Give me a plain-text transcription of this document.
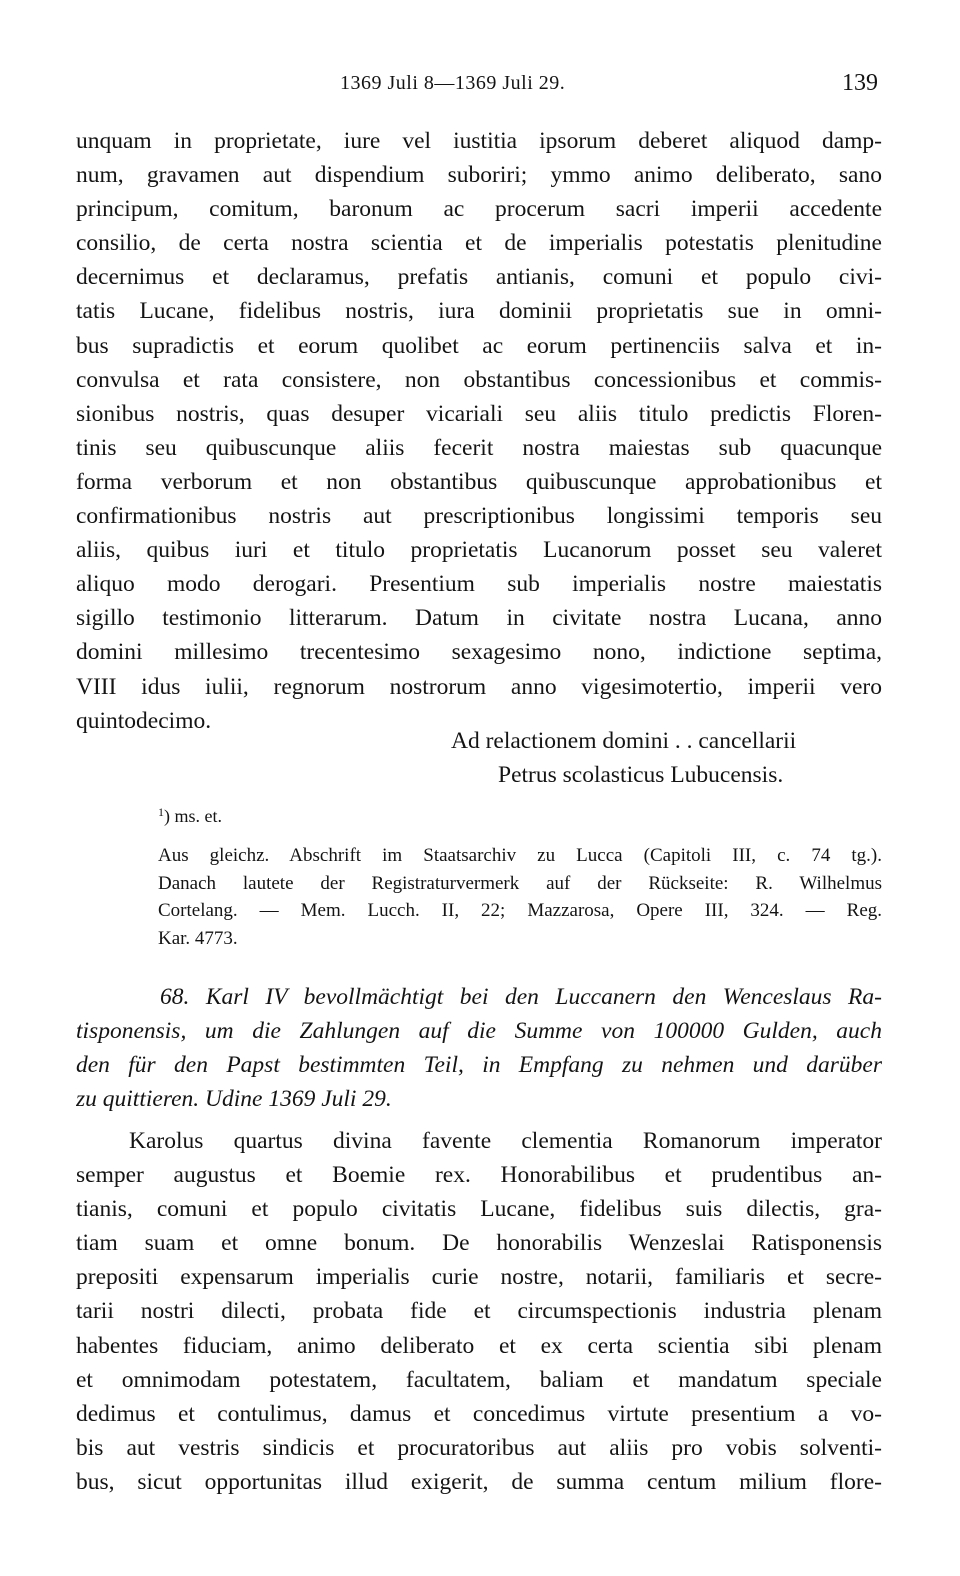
1369 Juli 8—1369 Juli 29.	139
unquam in proprietate, iure vel iustitia ipsorum deberet aliquod damp-
num, gravamen aut dispendium suboriri; ymmo animo deliberato, sano
principum, comitum, baronum ac procerum sacri imperii accedente
consilio, de certa nostra scientia et de imperialis potestatis plenitudine
decernimus et declaramus, prefatis antianis, comuni et populo civi-
tatis Lucane, fidelibus nostris, iura dominii proprietatis sue in omni-
bus supradictis et eorum quolibet ac eorum pertinenciis salva et in-
convulsa et rata consistere, non obstantibus concessionibus et commis-
sionibus nostris, quas desuper vicariali seu aliis titulo predictis Floren-
tinis seu quibuscunque aliis fecerit nostra maiestas sub quacunque
forma verborum et non obstantibus quibuscunque approbationibus et
confirmationibus nostris aut prescriptionibus longissimi temporis seu
aliis, quibus iuri et titulo proprietatis Lucanorum posset seu valeret
aliquo modo derogari. Presentium sub imperialis nostre maiestatis
sigillo testimonio litterarum. Datum in civitate nostra Lucana, anno
domini millesimo trecentesimo sexagesimo nono, indictione septima,
VIII idus iulii, regnorum nostrorum anno vigesimotertio, imperii vero
quintodecimo.
Ad relactionem domini . . cancellarii
Petrus scolasticus Lubucensis.
$^1$) ms. et.
Aus gleichz. Abschrift im Staatsarchiv zu Lucca (Capitoli III, c. 74 tg.).
Danach lautete der Registraturvermerk auf der Rückseite: R. Wilhelmus
Cortelang. — Mem. Lucch. II, 22; Mazzarosa, Opere III, 324. — Reg.
Kar. 4773.
68. Karl IV bevollmächtigt bei den Luccanern den Wenceslaus Ra-
tisponensis, um die Zahlungen auf die Summe von 100000 Gulden, auch
den für den Papst bestimmten Teil, in Empfang zu nehmen und darüber
zu quittieren. Udine 1369 Juli 29.
Karolus quartus divina favente clementia Romanorum imperator
semper augustus et Boemie rex. Honorabilibus et prudentibus an-
tianis, comuni et populo civitatis Lucane, fidelibus suis dilectis, gra-
tiam suam et omne bonum. De honorabilis Wenzeslai Ratisponensis
prepositi expensarum imperialis curie nostre, notarii, familiaris et secre-
tarii nostri dilecti, probata fide et circumspectionis industria plenam
habentes fiduciam, animo deliberato et ex certa scientia sibi plenam
et omnimodam potestatem, facultatem, baliam et mandatum speciale
dedimus et contulimus, damus et concedimus virtute presentium a vo-
bis aut vestris sindicis et procuratoribus aut aliis pro vobis solventi-
bus, sicut opportunitas illud exigerit, de summa centum milium flore-
